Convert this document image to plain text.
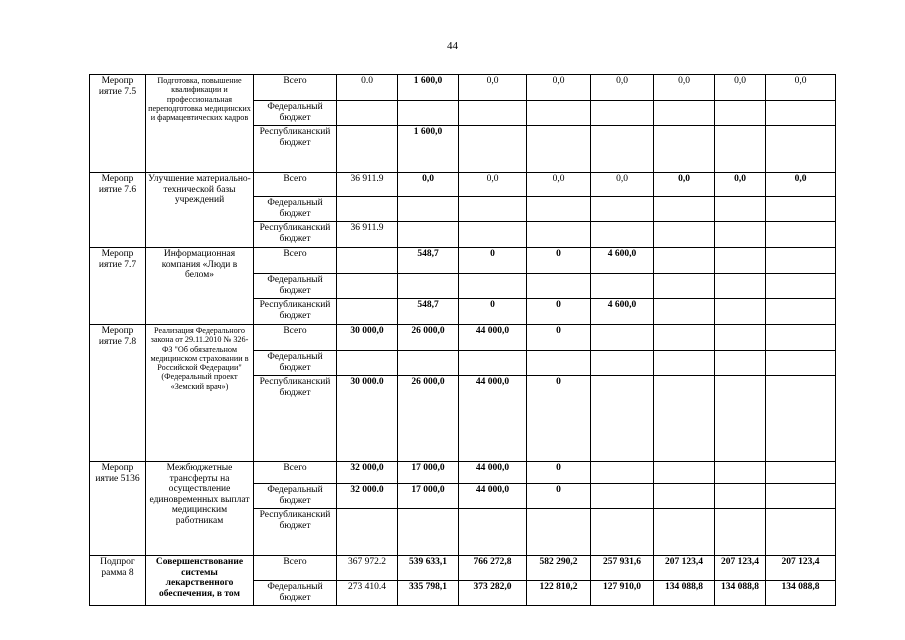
44
Меропр иятие 7.5	Подготовка, повышение квалификации и профессиональная переподготовка медицинских и фармацевтических кадров	Всего	0.0	1 600,0	0,0	0,0	0,0	0,0	0,0	0,0
		Федеральный бюджет								
		Республиканский бюджет		1 600,0						
Меропр иятие 7.6	Улучшение материально-технической базы учреждений	Всего	36 911.9	0,0	0,0	0,0	0,0	0,0	0,0	0,0
		Федеральный бюджет								
		Республиканский бюджет	36 911.9							
Меропр иятие 7.7	Информационная компания «Люди в белом»	Всего		548,7	0	0	4 600,0			
		Федеральный бюджет								
		Республиканский бюджет		548,7	0	0	4 600,0			
Меропр иятие 7.8	Реализация Федерального закона от 29.11.2010 № 326-ФЗ "Об обязательном медицинском страховании в Российской Федерации" (Федеральный проект «Земский врач»)	Всего	30 000,0	26 000,0	44 000,0	0				
		Федеральный бюджет								
		Республиканский бюджет	30 000.0	26 000,0	44 000,0	0				
Меропр иятие 5136	Межбюджетные трансферты на осуществление единовременных выплат медицинским работникам	Всего	32 000,0	17 000,0	44 000,0	0				
		Федеральный бюджет	32 000.0	17 000,0	44 000,0	0				
		Республиканский бюджет								
Подпрог рамма 8	Совершенствование системы лекарственного обеспечения, в том	Всего	367 972.2	539 633,1	766 272,8	582 290,2	257 931,6	207 123,4	207 123,4	207 123,4
		Федеральный бюджет	273 410.4	335 798,1	373 282,0	122 810,2	127 910,0	134 088,8	134 088,8	134 088,8
